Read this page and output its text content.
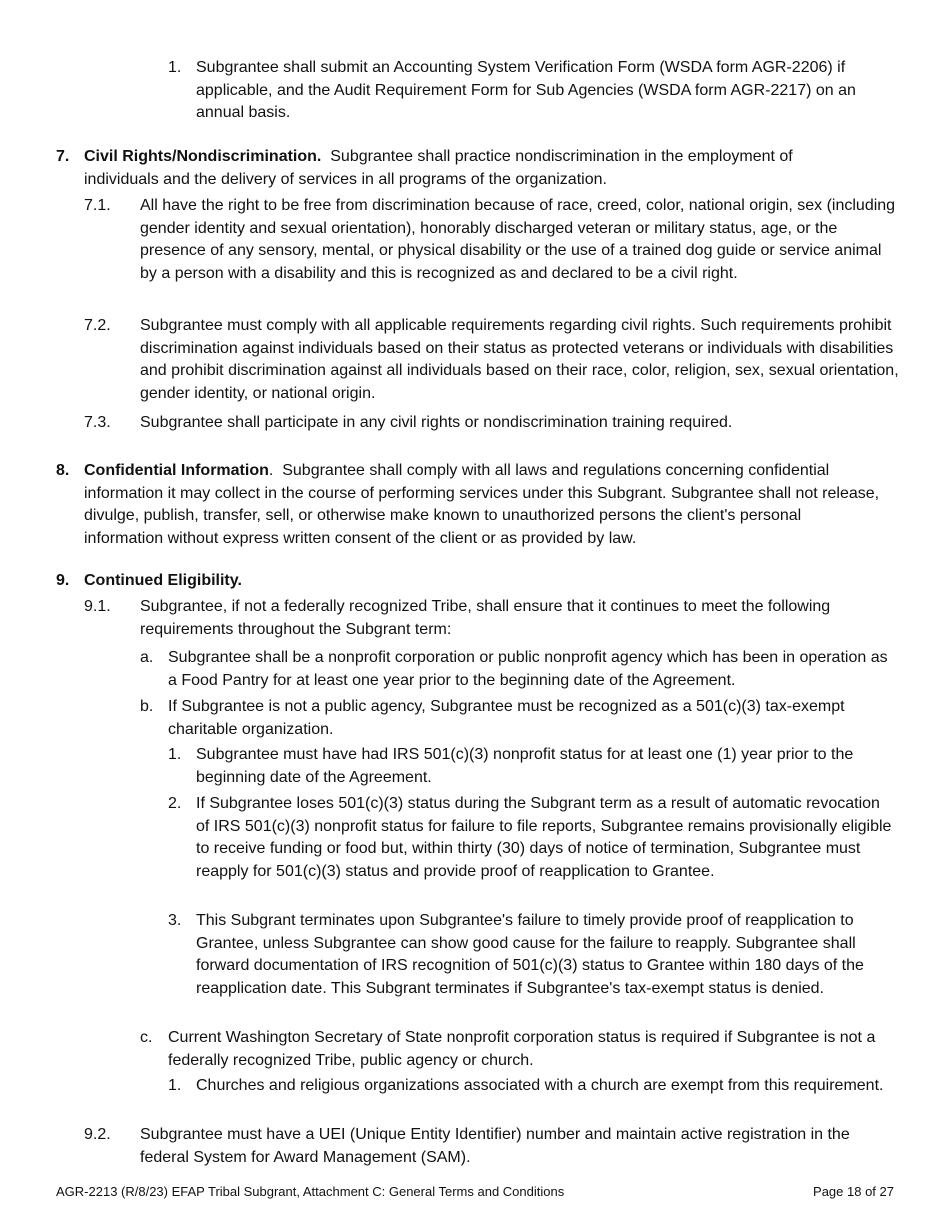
1. Subgrantee shall submit an Accounting System Verification Form (WSDA form AGR-2206) if applicable, and the Audit Requirement Form for Sub Agencies (WSDA form AGR-2217) on an annual basis.

7. Civil Rights/Nondiscrimination. Subgrantee shall practice nondiscrimination in the employment of individuals and the delivery of services in all programs of the organization.

7.1. All have the right to be free from discrimination because of race, creed, color, national origin, sex (including gender identity and sexual orientation), honorably discharged veteran or military status, age, or the presence of any sensory, mental, or physical disability or the use of a trained dog guide or service animal by a person with a disability and this is recognized as and declared to be a civil right.

7.2. Subgrantee must comply with all applicable requirements regarding civil rights. Such requirements prohibit discrimination against individuals based on their status as protected veterans or individuals with disabilities and prohibit discrimination against all individuals based on their race, color, religion, sex, sexual orientation, gender identity, or national origin.

7.3. Subgrantee shall participate in any civil rights or nondiscrimination training required.

8. Confidential Information.  Subgrantee shall comply with all laws and regulations concerning confidential information it may collect in the course of performing services under this Subgrant. Subgrantee shall not release, divulge, publish, transfer, sell, or otherwise make known to unauthorized persons the client's personal information without express written consent of the client or as provided by law.

9. Continued Eligibility.

9.1. Subgrantee, if not a federally recognized Tribe, shall ensure that it continues to meet the following requirements throughout the Subgrant term:

a. Subgrantee shall be a nonprofit corporation or public nonprofit agency which has been in operation as a Food Pantry for at least one year prior to the beginning date of the Agreement.

b. If Subgrantee is not a public agency, Subgrantee must be recognized as a 501(c)(3) tax-exempt charitable organization.

1. Subgrantee must have had IRS 501(c)(3) nonprofit status for at least one (1) year prior to the beginning date of the Agreement.

2. If Subgrantee loses 501(c)(3) status during the Subgrant term as a result of automatic revocation of IRS 501(c)(3) nonprofit status for failure to file reports, Subgrantee remains provisionally eligible to receive funding or food but, within thirty (30) days of notice of termination, Subgrantee must reapply for 501(c)(3) status and provide proof of reapplication to Grantee.

3. This Subgrant terminates upon Subgrantee's failure to timely provide proof of reapplication to Grantee, unless Subgrantee can show good cause for the failure to reapply. Subgrantee shall forward documentation of IRS recognition of 501(c)(3) status to Grantee within 180 days of the reapplication date. This Subgrant terminates if Subgrantee's tax-exempt status is denied.

c. Current Washington Secretary of State nonprofit corporation status is required if Subgrantee is not a federally recognized Tribe, public agency or church.

1. Churches and religious organizations associated with a church are exempt from this requirement.

9.2. Subgrantee must have a UEI (Unique Entity Identifier) number and maintain active registration in the federal System for Award Management (SAM).

AGR-2213 (R/8/23) EFAP Tribal Subgrant, Attachment C: General Terms and Conditions	Page 18 of 27
